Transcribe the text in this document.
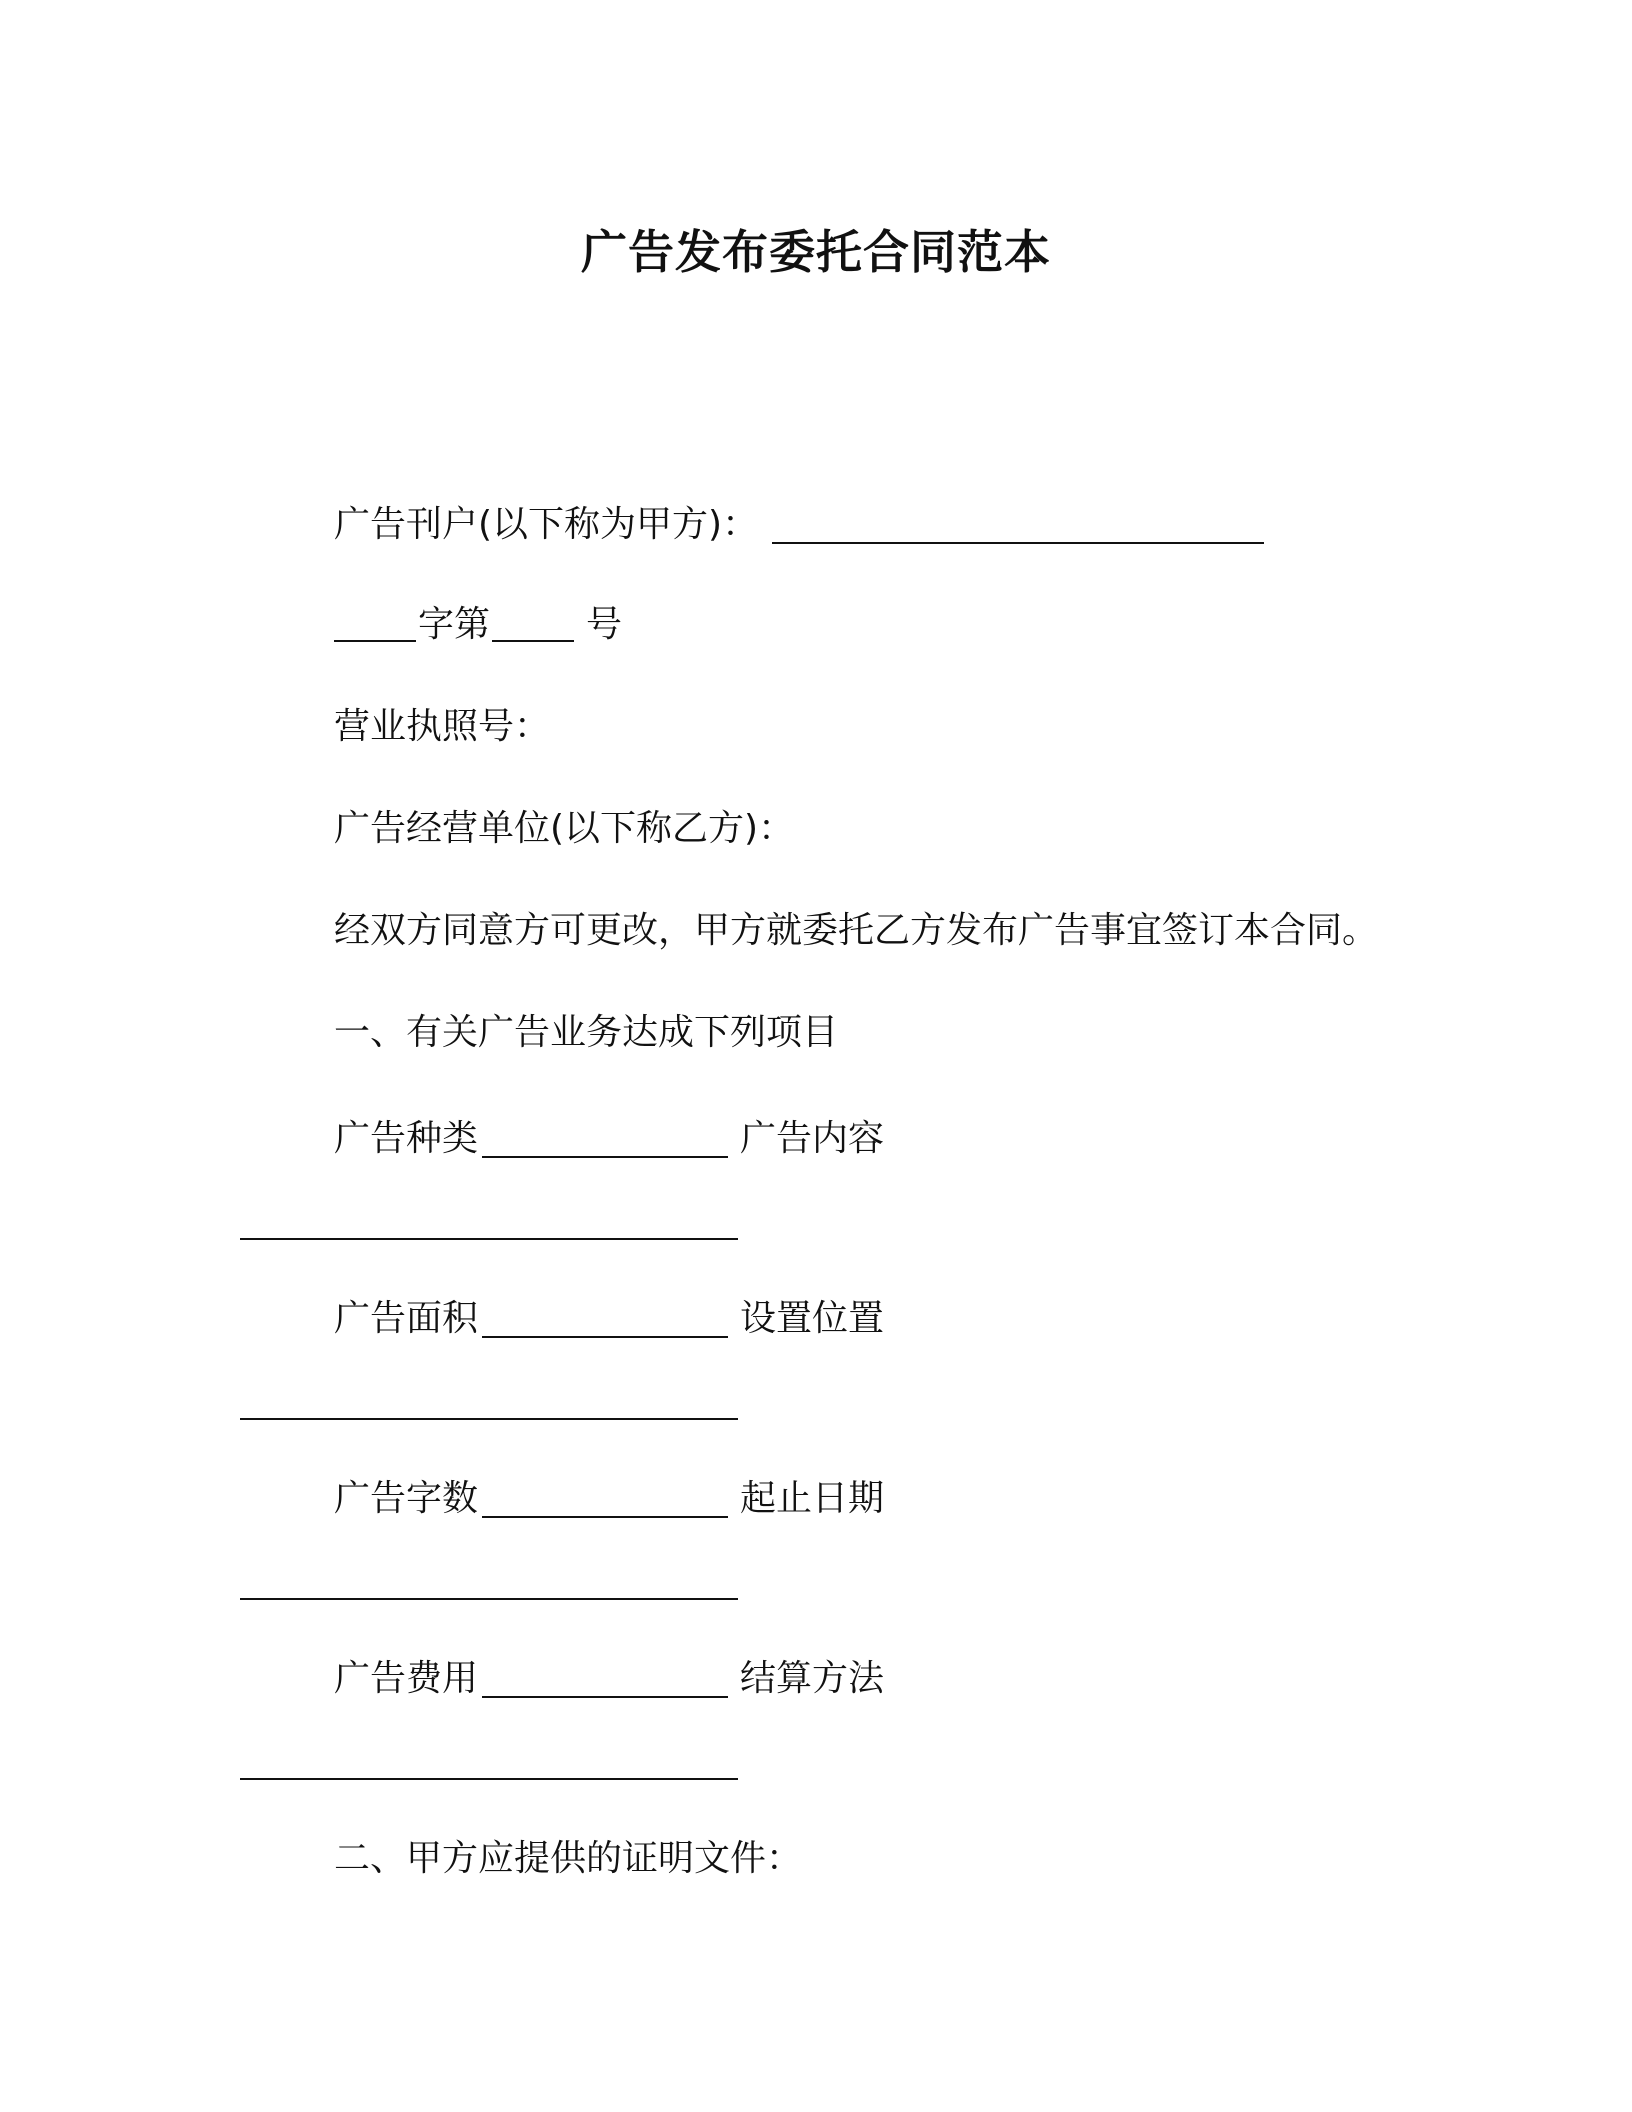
广告发布委托合同范本
广告刊户(以下称为甲方)：
字第	号
营业执照号：
广告经营单位(以下称乙方)：
经双方同意方可更改，甲方就委托乙方发布广告事宜签订本合同。
一、有关广告业务达成下列项目
广告种类	广告内容
广告面积	设置位置
广告字数	起止日期
广告费用	结算方法
二、甲方应提供的证明文件：
